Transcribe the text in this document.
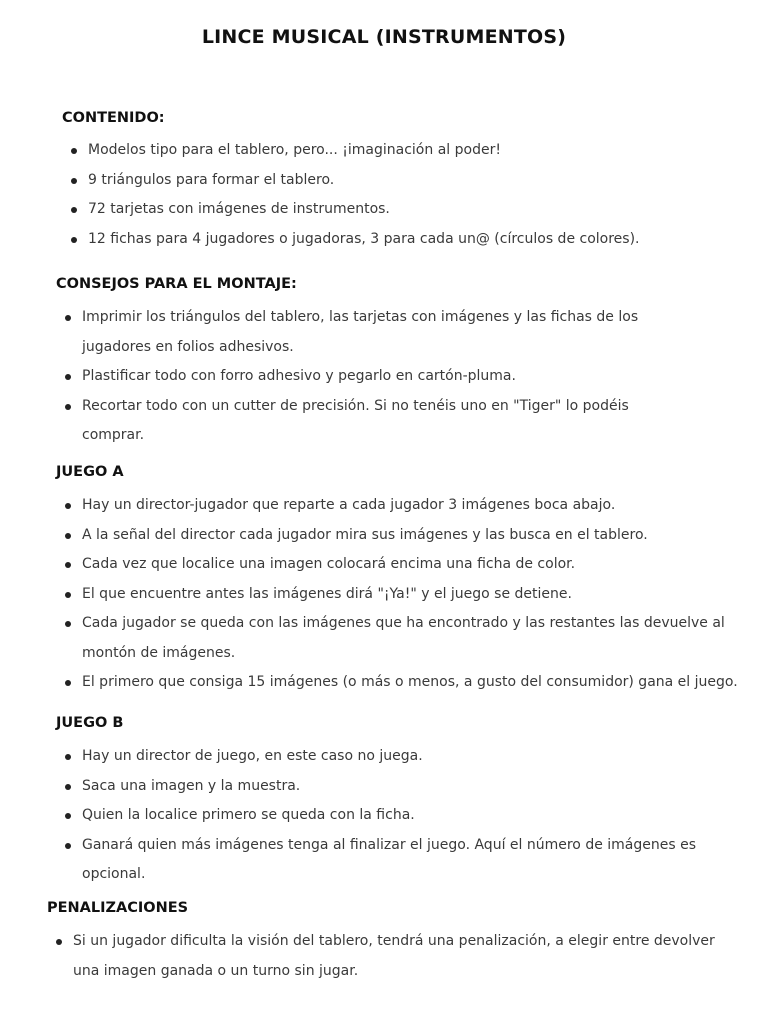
LINCE MUSICAL (INSTRUMENTOS)
CONTENIDO:
Modelos tipo para el tablero, pero... ¡imaginación al poder!
9 triángulos para formar el tablero.
72 tarjetas con imágenes de instrumentos.
12 fichas para 4 jugadores o jugadoras, 3 para cada un@ (círculos de colores).
CONSEJOS PARA EL MONTAJE:
Imprimir los triángulos del tablero, las tarjetas con imágenes y las fichas de los jugadores en folios adhesivos.
Plastificar todo con forro adhesivo y pegarlo en cartón-pluma.
Recortar todo con un cutter de precisión. Si no tenéis uno en "Tiger" lo podéis comprar.
JUEGO A
Hay un director-jugador que reparte a cada jugador 3 imágenes boca abajo.
A la señal del director cada jugador mira sus imágenes y las busca en el tablero.
Cada vez que localice una imagen colocará encima una ficha de color.
El que encuentre antes las imágenes dirá "¡Ya!" y el juego se detiene.
Cada jugador se queda con las imágenes que ha encontrado y las restantes las devuelve al montón de imágenes.
El primero que consiga 15 imágenes (o más o menos, a gusto del consumidor) gana el juego.
JUEGO B
Hay un director de juego, en este caso no juega.
Saca una imagen y la muestra.
Quien la localice primero se queda con la ficha.
Ganará quien más imágenes tenga al finalizar el juego. Aquí el número de imágenes es opcional.
PENALIZACIONES
Si un jugador dificulta la visión del tablero, tendrá una penalización, a elegir entre devolver una imagen ganada o un turno sin jugar.
